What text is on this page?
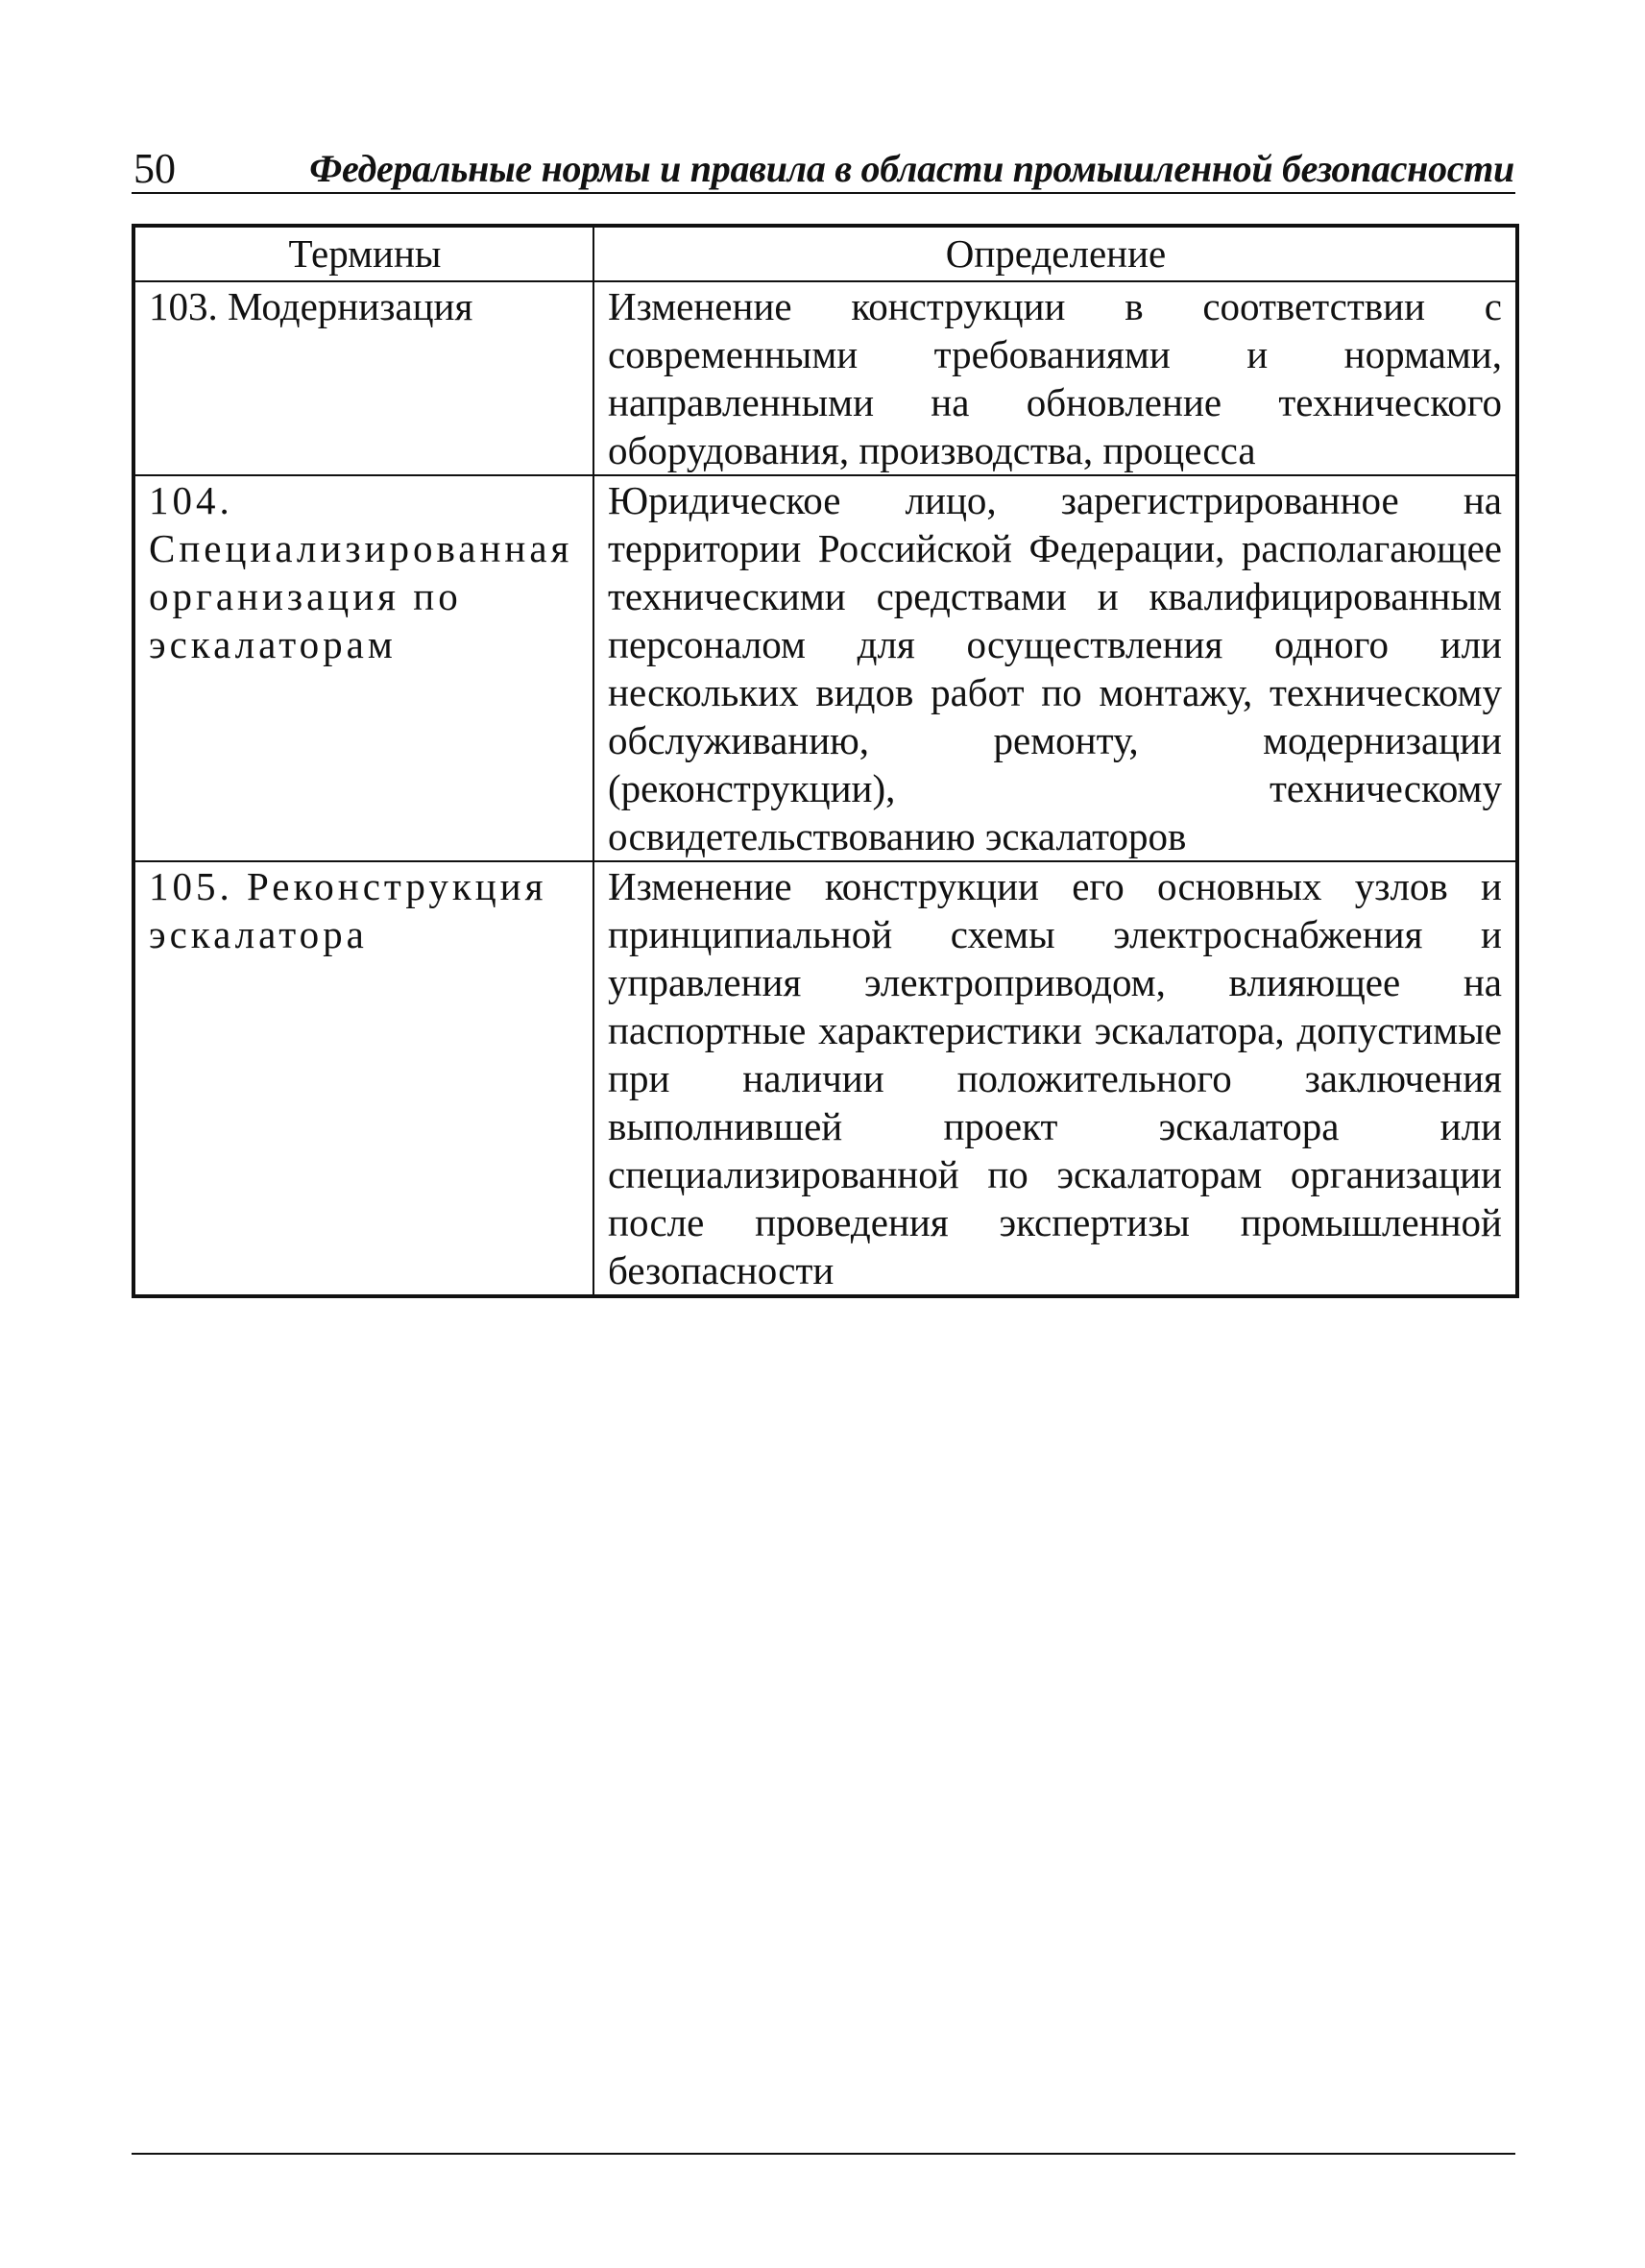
50	Федеральные нормы и правила в области промышленной безопасности
Термины	Определение
103. Модернизация	Изменение конструкции в соответствии с современными требованиями и нормами, направленными на обновление технического оборудования, производства, процесса
104. Специализированная организация по эскалаторам	Юридическое лицо, зарегистрированное на территории Российской Федерации, располагающее техническими средствами и квалифицированным персоналом для осуществления одного или нескольких видов работ по монтажу, техническому обслуживанию, ремонту, модернизации (реконструкции), техническому освидетельствованию эскалаторов
105. Реконструкция эскалатора	Изменение конструкции его основных узлов и принципиальной схемы электроснабжения и управления электроприводом, влияющее на паспортные характеристики эскалатора, допустимые при наличии положительного заключения выполнившей проект эскалатора или специализированной по эскалаторам организации после проведения экспертизы промышленной безопасности
